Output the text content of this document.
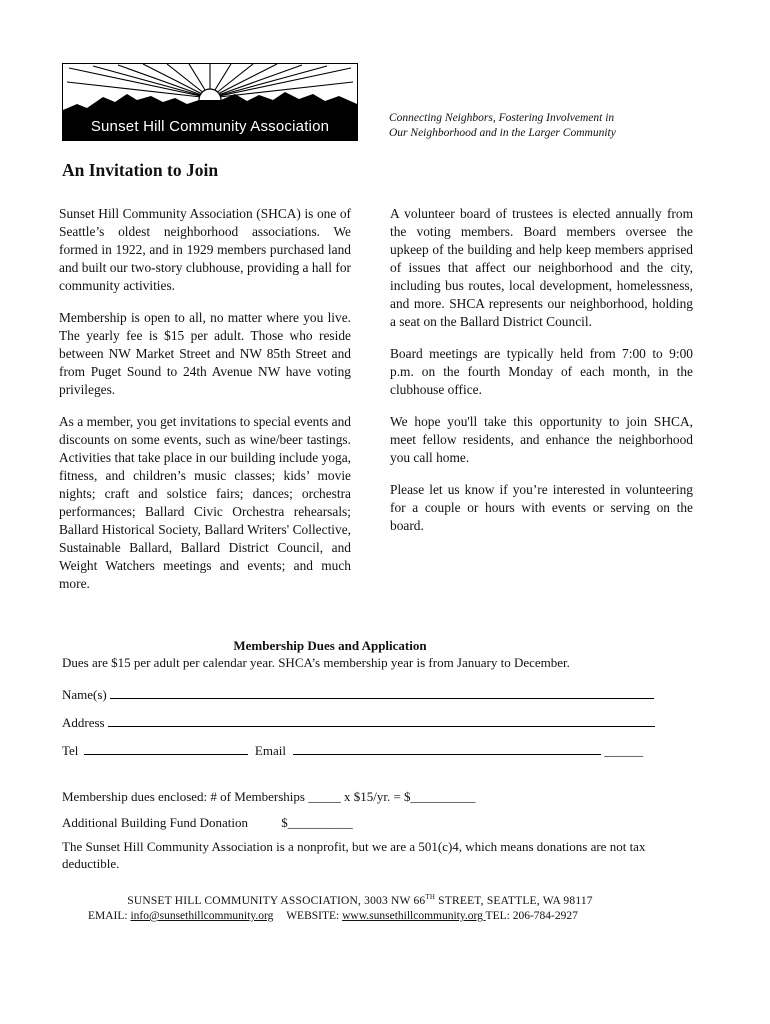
Sunset Hill Community Association	Connecting Neighbors, Fostering Involvement in
Our Neighborhood and in the Larger Community
An Invitation to Join

Sunset Hill Community Association (SHCA) is one of Seattle’s oldest neighborhood associations. We formed in 1922, and in 1929 members purchased land and built our two-story clubhouse, providing a hall for community activities.

Membership is open to all, no matter where you live. The yearly fee is $15 per adult. Those who reside between NW Market Street and NW 85th Street and from Puget Sound to 24th Avenue NW have voting privileges.

As a member, you get invitations to special events and discounts on some events, such as wine/beer tastings. Activities that take place in our building include yoga, fitness, and children’s music classes; kids’ movie nights; craft and solstice fairs; dances; orchestra performances; Ballard Civic Orchestra rehearsals; Ballard Historical Society, Ballard Writers' Collective, Sustainable Ballard, Ballard District Council, and Weight Watchers meetings and events; and much more.

A volunteer board of trustees is elected annually from the voting members. Board members oversee the upkeep of the building and help keep members apprised of issues that affect our neighborhood and the city, including bus routes, local development, homelessness, and more. SHCA represents our neighborhood, holding a seat on the Ballard District Council.

Board meetings are typically held from 7:00 to 9:00 p.m. on the fourth Monday of each month, in the clubhouse office.

We hope you'll take this opportunity to join SHCA, meet fellow residents, and enhance the neighborhood you call home.

Please let us know if you’re interested in volunteering for a couple or hours with events or serving on the board.

Membership Dues and Application
Dues are $15 per adult per calendar year. SHCA’s membership year is from January to December.
Name(s)
Address
Tel	Email	______
Membership dues enclosed: # of Memberships _____ x $15/yr. = $__________
Additional Building Fund Donation	$__________
The Sunset Hill Community Association is a nonprofit, but we are a 501(c)4, which means donations are not tax deductible.
SUNSET HILL COMMUNITY ASSOCIATION, 3003 NW 66TH STREET, SEATTLE, WA 98117
EMAIL: info@sunsethillcommunity.org WEBSITE: www.sunsethillcommunity.org TEL: 206-784-2927
